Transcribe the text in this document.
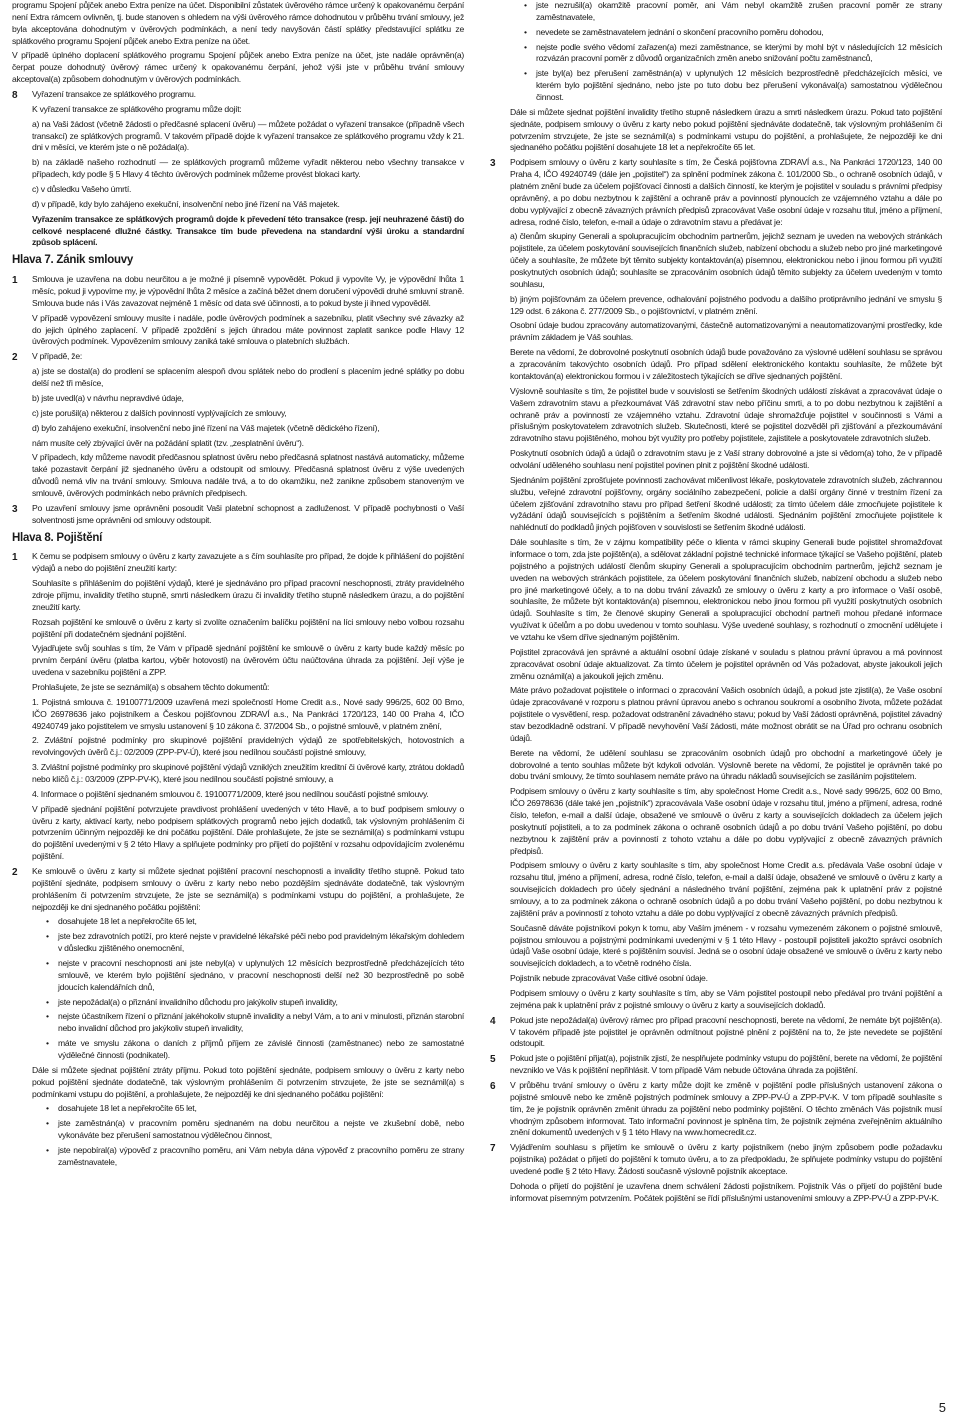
programu Spojení půjček anebo Extra peníze na účet. Disponibilní zůstatek úvěrového rámce určený k opakovanému čerpání není Extra rámcem ovlivněn, tj. bude stanoven s ohledem na výši úvěrového rámce dohodnutou v průběhu trvání smlouvy, jež byla akceptována dohodnutým v úvěrových podmínkách, a není tedy navyšován částí splátky představující splátku ze splátkového programu Spojení půjček anebo Extra peníze na účet.

V případě úplného doplacení splátkového programu Spojení půjček anebo Extra peníze na účet, jste nadále oprávněn(a) čerpat pouze dohodnutý úvěrový rámec určený k opakovanému čerpání, jehož výši jste v průběhu trvání smlouvy akceptoval(a) způsobem dohodnutým v úvěrových podmínkách.

8 Vyřazení transakce ze splátkového programu.

K vyřazení transakce ze splátkového programu může dojít:

a) na Vaši žádost (včetně žádosti o předčasné splacení úvěru) — můžete požádat o vyřazení transakce (případně všech transakcí) ze splátkových programů. V takovém případě dojde k vyřazení transakce ze splátkového programu vždy k 21. dni v měsíci, ve kterém jste o ně požádal(a).

b) na základě našeho rozhodnutí — ze splátkových programů můžeme vyřadit některou nebo všechny transakce v případech, kdy podle § 5 Hlavy 4 těchto úvěrových podmínek můžeme provést blokaci karty.

c) v důsledku Vašeho úmrtí.

d) v případě, kdy bylo zahájeno exekuční, insolvenční nebo jiné řízení na Váš majetek.

Vyřazením transakce ze splátkových programů dojde k převedení této transakce (resp. její neuhrazené části) do celkové nesplacené dlužné částky. Transakce tím bude převedena na standardní výši úroku a standardní způsob splácení.

Hlava 7. Zánik smlouvy
1 Smlouva je uzavřena na dobu neurčitou a je možné ji písemně vypovědět. Pokud ji vypovíte Vy, je výpovědní lhůta 1 měsíc, pokud ji vypovíme my, je výpovědní lhůta 2 měsíce a začíná běžet dnem doručení výpovědi druhé smluvní straně. Smlouva bude nás i Vás zavazovat nejméně 1 měsíc od data své účinnosti, a to pokud byste ji ihned vypověděl.

V případě vypovězení smlouvy musíte i nadále, podle úvěrových podmínek a sazebníku, platit všechny své závazky až do jejich úplného zaplacení. V případě zpoždění s jejich úhradou máte povinnost zaplatit sankce podle Hlavy 12 úvěrových podmínek. Vypovězením smlouvy zaniká také smlouva o platebních službách.

2 V případě, že:

a) jste se dostal(a) do prodlení se splacením alespoň dvou splátek nebo do prodlení s placením jedné splátky po dobu delší než tři měsíce,

b) jste uvedl(a) v návrhu nepravdivé údaje,

c) jste porušil(a) některou z dalších povinností vyplývajících ze smlouvy,

d) bylo zahájeno exekuční, insolvenční nebo jiné řízení na Váš majetek (včetně dědického řízení),

nám musíte celý zbývající úvěr na požádání splatit (tzv. „zesplatnění úvěru“).

V případech, kdy můžeme navodit předčasnou splatnost úvěru nebo předčasná splatnost nastává automaticky, můžeme také pozastavit čerpání již sjednaného úvěru a odstoupit od smlouvy. Předčasná splatnost úvěru z výše uvedených důvodů nemá vliv na trvání smlouvy. Smlouva nadále trvá, a to do okamžiku, než zanikne způsobem stanoveným ve smlouvě, úvěrových podmínkách nebo právních předpisech.

3 Po uzavření smlouvy jsme oprávněni posoudit Vaši platební schopnost a zadluženost. V případě pochybnosti o Vaší solventnosti jsme oprávněni od smlouvy odstoupit.
Hlava 8. Pojištění
1 K čemu se podpisem smlouvy o úvěru z karty zavazujete a s čím souhlasíte pro případ, že dojde k přihlášení do pojištění výdajů a nebo do pojištění zneužití karty:

Souhlasíte s přihlášením do pojištění výdajů, které je sjednáváno pro případ pracovní neschopnosti, ztráty pravidelného zdroje příjmu, invalidity třetího stupně, smrti následkem úrazu či invalidity třetího stupně následkem úrazu, a do pojištění zneužití karty.

Rozsah pojištění ke smlouvě o úvěru z karty si zvolíte označením balíčku pojištění na líci smlouvy nebo volbou rozsahu pojištění při dodatečném sjednání pojištění.

Vyjadřujete svůj souhlas s tím, že Vám v případě sjednání pojištění ke smlouvě o úvěru z karty bude každý měsíc po prvním čerpání úvěru (platba kartou, výběr hotovosti) na úvěrovém účtu naúčtována úhrada za pojištění. Její výše je uvedena v sazebníku pojištění a ZPP.

Prohlašujete, že jste se seznámil(a) s obsahem těchto dokumentů:

1. Pojistná smlouva č. 19100771/2009 uzavřená mezi společností Home Credit a.s., Nové sady 996/25, 602 00 Brno, IČO 26978636 jako pojistníkem a Českou pojišťovnou ZDRAVÍ a.s., Na Pankráci 1720/123, 140 00 Praha 4, IČO 49240749 jako pojistitelem ve smyslu ustanovení § 10 zákona č. 37/2004 Sb., o pojistné smlouvě, v platném znění,

2. Zvláštní pojistné podmínky pro skupinové pojištění pravidelných výdajů ze spotřebitelských, hotovostních a revolvingových úvěrů č.j.: 02/2009 (ZPP-PV-Ú), které jsou nedílnou součástí pojistné smlouvy,

3. Zvláštní pojistné podmínky pro skupinové pojištění výdajů vzniklých zneužitím kreditní či úvěrové karty, ztrátou dokladů nebo klíčů č.j.: 03/2009 (ZPP-PV-K), které jsou nedílnou součástí pojistné smlouvy, a

4. Informace o pojištění sjednaném smlouvou č. 19100771/2009, které jsou nedílnou součástí pojistné smlouvy.

V případě sjednání pojištění potvrzujete pravdivost prohlášení uvedených v této Hlavě, a to buď podpisem smlouvy o úvěru z karty, aktivací karty, nebo podpisem splátkových programů nebo jejich dodatků, tak výslovným prohlášením či potvrzením účinným nejpozději ke dni počátku pojištění. Dále prohlašujete, že jste se seznámil(a) s podmínkami vstupu do pojištění uvedenými v § 2 této Hlavy a splňujete podmínky pro přijetí do pojištění v rozsahu odpovídajícím zvolenému pojištění.

2 Ke smlouvě o úvěru z karty si můžete sjednat pojištění pracovní neschopnosti a invalidity třetího stupně. Pokud tato pojištění sjednáte, podpisem smlouvy o úvěru z karty nebo nebo pozdějším sjednáváte dodatečně, tak výslovným prohlášením či potvrzením strvzujete, že jste se seznámil(a) s podmínkami vstupu do pojištění, a prohlašujete, že nejpozději ke dni sjednaného počátku pojištění:
• dosahujete 18 let a nepřekročíte 65 let,
• jste bez zdravotních potíží, pro které nejste v pravidelné lékařské péči nebo pod pravidelným lékařským dohledem v důsledku zjištěného onemocnění,
• nejste v pracovní neschopnosti ani jste nebyl(a) v uplynulých 12 měsících bezprostředně předcházejících této smlouvě, ve kterém bylo pojištění sjednáno, v pracovní neschopnosti delší než 30 bezprostředně po sobě jdoucích kalendářních dnů,
• jste nepožádal(a) o přiznání invalidního důchodu pro jakýkoliv stupeň invalidity,
• nejste účastníkem řízení o přiznání jakéhokoliv stupně invalidity a nebyl Vám, a to ani v minulosti, přiznán starobní nebo invalidní důchod pro jakýkoliv stupeň invalidity,
• máte ve smyslu zákona o daních z příjmů příjem ze závislé činnosti (zaměstnanec) nebo ze samostatné výdělečné činnosti (podnikatel).

Dále si můžete sjednat pojištění ztráty příjmu. Pokud toto pojištění sjednáte, podpisem smlouvy o úvěru z karty nebo pokud pojištění sjednáte dodatečně, tak výslovným prohlášením či potvrzením strvzujete, že jste se seznámil(a) s podmínkami vstupu do pojištění, a prohlašujete, že nejpozději ke dni sjednaného počátku pojištění:

• dosahujete 18 let a nepřekročíte 65 let,
• jste zaměstnán(a) v pracovním poměru sjednaném na dobu neurčitou a nejste ve zkušební době, nebo vykonáváte bez přerušení samostatnou výdělečnou činnost,
• jste nepobíral(a) výpověď z pracovního poměru, ani Vám nebyla dána výpověď z pracovního poměru ze strany zaměstnavatele,
• jste nezrušil(a) okamžitě pracovní poměr, ani Vám nebyl okamžitě zrušen pracovní poměr ze strany zaměstnavatele,
• nevedete se zaměstnavatelem jednání o skončení pracovního poměru dohodou,
• nejste podle svého vědomí zařazen(a) mezi zaměstnance, se kterými by mohl být v následujících 12 měsících rozvázán pracovní poměr z důvodů organizačních změn anebo snižování počtu zaměstnanců,
• jste byl(a) bez přerušení zaměstnán(a) v uplynulých 12 měsících bezprostředně předcházejících měsíci, ve kterém bylo pojištění sjednáno, nebo jste po tuto dobu bez přerušení vykonával(a) samostatnou výdělečnou činnost.

Dále si můžete sjednat pojištění invalidity třetího stupně následkem úrazu a smrti následkem úrazu. Pokud tato pojištění sjednáte, podpisem smlouvy o úvěru z karty nebo pokud pojištění sjednáváte dodatečně, tak výslovným prohlášením či potvrzením strvzujete, že jste se seznámil(a) s podmínkami vstupu do pojištění, a prohlašujete, že nejpozději ke dni sjednaného počátku pojištění dosahujete 18 let a nepřekročíte 65 let.

3 Podpisem smlouvy o úvěru z karty souhlasíte s tím, že Česká pojišťovna ZDRAVÍ a.s., Na Pankráci 1720/123, 140 00 Praha 4, IČO 49240749 (dále jen „pojistitel“) za splnění podmínek zákona č. 101/2000 Sb., o ochraně osobních údajů, v platném znění bude za účelem pojišťovací činnosti a dalších činností, ke kterým je pojistitel v souladu s právními předpisy oprávněný, a po dobu nezbytnou k zajištění a ochraně práv a povinností plynoucích ze vzájemného vztahu a dále po dobu vyplývající z obecně závazných právních předpisů zpracovávat Vaše osobní údaje v rozsahu titul, jméno a příjmení, adresa, rodné číslo, telefon, e-mail a údaje o zdravotním stavu a předávat je:

a) členům skupiny Generali a spolupracujícím obchodním partnerům, jejichž seznam je uveden na webových stránkách pojistitele, za účelem poskytování souvisejících finančních služeb, nabízení obchodu a služeb nebo pro jiné marketingové účely a souhlasíte, že můžete být těmito subjekty kontaktován(a) písemnou, elektronickou nebo i jinou formou při využití poskytnutých osobních údajů; souhlasíte se zpracováním osobních údajů těmito subjekty za účelem uvedeným v tomto souhlasu,

b) jiným pojišťovnám za účelem prevence, odhalování pojistného podvodu a dalšího protiprávního jednání ve smyslu § 129 odst. 6 zákona č. 277/2009 Sb., o pojišťovnictví, v platném znění.

Osobní údaje budou zpracovány automatizovanými, částečně automatizovanými a neautomatizovanými prostředky, kde právním základem je Váš souhlas.

Berete na vědomí, že dobrovolné poskytnutí osobních údajů bude považováno za výslovné udělení souhlasu se správou a zpracováním takovýchto osobních údajů. Pro případ sdělení elektronického kontaktu souhlasíte, že můžete být kontaktován(a) elektronickou formou i v záležitostech týkajících se dříve sjednaných pojištění.

Výslovně souhlasíte s tím, že pojistitel bude v souvislosti se šetřením škodných událostí získávat a zpracovávat údaje o Vašem zdravotním stavu a přezkoumávat Váš zdravotní stav nebo příčinu smrti, a to po dobu nezbytnou k zajištění a ochraně práv a povinností ze vzájemného vztahu. Zdravotní údaje shromažďuje pojistitel v součinnosti s Vámi a příslušným poskytovatelem zdravotních služeb. Skutečnosti, které se pojistitel dozvěděl při zjišťování a přezkoumávání zdravotního stavu pojištěného, mohou být využity pro potřeby pojistitele, zajistitele a poskytovatele zdravotních služeb.

Poskytnutí osobních údajů a údajů o zdravotním stavu je z Vaší strany dobrovolné a jste si vědom(a) toho, že v případě odvolání uděleného souhlasu není pojistitel povinen plnit z pojištění škodné události.

Sjednáním pojištění zprošťujete povinnosti zachovávat mlčenlivost lékaře, poskytovatele zdravotních služeb, záchrannou službu, veřejné zdravotní pojišťovny, orgány sociálního zabezpečení, policie a další orgány činné v trestním řízení za účelem zjišťování zdravotního stavu pro případ šetření škodné události; za tímto účelem dále zmocňujete pojistitele k vyžádání údajů souvisejících s pojištěním a šetřením škodné události. Sjednáním pojištění zmocňujete pojistitele k nahlédnutí do podkladů jiných pojišťoven v souvislosti se šetřením škodné události.

Dále souhlasíte s tím, že v zájmu kompatibility péče o klienta v rámci skupiny Generali bude pojistitel shromažďovat informace o tom, zda jste pojištěn(a), a sdělovat základní pojistné technické informace týkající se Vašeho pojištění, plateb pojistného a pojistných událostí členům skupiny Generali a spolupracujícím obchodním partnerům, jejichž seznam je uveden na webových stránkách pojistitele, za účelem poskytování finančních služeb, nabízení obchodu a služeb nebo pro jiné marketingové účely, a to na dobu trvání závazků ze smlouvy o úvěru z karty a pro informace o Vaší osobě, souhlasíte, že můžete být kontaktován(a) písemnou, elektronickou nebo jinou formou při využití poskytnutých osobních údajů. Souhlasíte s tím, že členové skupiny Generali a spolupracující obchodní partneři mohou předané informace využívat k účelům a po dobu uvedenou v tomto souhlasu. Výše uvedené souhlasy, s rozhodnutí o zmocnění udělujete i ve vztahu ke všem dříve sjednaným pojištěním.

Pojistitel zpracovává jen správné a aktuální osobní údaje získané v souladu s platnou právní úpravou a má povinnost zpracovávat osobní údaje aktualizovat. Za tímto účelem je pojistitel oprávněn od Vás požadovat, abyste jakoukoli jejich změnu oznámil(a) a jakoukoli jejich změnu.

Máte právo požadovat pojistitele o informaci o zpracování Vašich osobních údajů, a pokud jste zjistil(a), že Vaše osobní údaje zpracovávané v rozporu s platnou právní úpravou anebo s ochranou soukromí a osobního života, můžete požádat pojistitele o vysvětlení, resp. požadovat odstranění závadného stavu; pokud by Vaší žádosti oprávněná, pojistitel závadný stav bezodkladně odstraní. V případě nevyhovění Vaší žádosti, máte možnost obrátit se na Úřad pro ochranu osobních údajů.

Berete na vědomí, že udělení souhlasu se zpracováním osobních údajů pro obchodní a marketingové účely je dobrovolné a tento souhlas můžete být kdykoli odvolán. Výslovně berete na vědomí, že pojistitel je oprávněn také po dobu trvání smlouvy, že tímto souhlasem nemáte právo na úhradu nákladů souvisejících se zasíláním pojistitelem.

Podpisem smlouvy o úvěru z karty souhlasíte s tím, aby společnost Home Credit a.s., Nové sady 996/25, 602 00 Brno, IČO 26978636 (dále také jen „pojistník“) zpracovávala Vaše osobní údaje v rozsahu titul, jméno a příjmení, adresa, rodné číslo, telefon, e-mail a další údaje, obsažené ve smlouvě o úvěru z karty a souvisejících dokladech za účelem jejich poskytnutí pojistiteli, a to za podmínek zákona o ochraně osobních údajů a po dobu trvání Vašeho pojištění, po dobu nezbytnou k zajištění práv a povinností z tohoto vztahu a dále po dobu vyplývající z obecně závazných právních předpisů.

Podpisem smlouvy o úvěru z karty souhlasíte s tím, aby společnost Home Credit a.s. předávala Vaše osobní údaje v rozsahu titul, jméno a příjmení, adresa, rodné číslo, telefon, e-mail a další údaje, obsažené ve smlouvě o úvěru z karty a souvisejících dokladech pro účely sjednání a následného trvání pojištění, zejména pak k uplatnění práv z pojistné smlouvy, a to za podmínek zákona o ochraně osobních údajů a po dobu trvání Vašeho pojištění, po dobu nezbytnou k zajištění práv a povinností z tohoto vztahu a dále po dobu vyplývající z obecně závazných právních předpisů.

Současně dáváte pojistníkovi pokyn k tomu, aby Vaším jménem - v rozsahu vymezeném zákonem o pojistné smlouvě, pojistnou smlouvou a pojistnými podmínkami uvedenými v § 1 této Hlavy - postoupil pojistiteli jakožto správci osobních údajů Vaše osobní údaje, které s pojištěním souvisí. Jedná se o osobní údaje obsažené ve smlouvě o úvěru z karty nebo souvisejících dokladech, a to včetně rodného čísla.

Pojistník nebude zpracovávat Vaše citlivé osobní údaje.

Podpisem smlouvy o úvěru z karty souhlasíte s tím, aby se Vám pojistitel postoupil nebo předával pro trvání pojištění a zejména pak k uplatnění práv z pojistné smlouvy o úvěru z karty a souvisejících dokladů.

4 Pokud jste nepožádal(a) úvěrový rámec pro případ pracovní neschopnosti, berete na vědomí, že nemáte být pojištěn(a). V takovém případě jste pojistitel je oprávněn odmítnout pojistné plnění z pojištění na to, že jste nevedete se pojištění odstoupit.
5 Pokud jste o pojištění přijat(a), pojistník zjistí, že nesplňujete podmínky vstupu do pojištění, berete na vědomí, že pojištění nevzniklo ve Vás k pojištění nepřihlásit. V tom případě Vám nebude účtována úhrada za pojištění.
6 V průběhu trvání smlouvy o úvěru z karty může dojít ke změně v pojištění podle příslušných ustanovení zákona o pojistné smlouvě nebo ke změně pojistných podmínek smlouvy a ZPP-PV-Ú a ZPP-PV-K. V tom případě souhlasíte s tím, že je pojistník oprávněn změnit úhradu za pojištění nebo podmínky pojištění. O těchto změnách Vás pojistník musí vhodným způsobem informovat. Tato informační povinnost je splněna tím, že pojistník zejména zveřejněním aktuálního znění dokumentů uvedených v § 1 této Hlavy na www.homecredit.cz.
7 Vyjádřením souhlasu s přijetím ke smlouvě o úvěru z karty pojistníkem (nebo jiným způsobem podle požadavku pojistníka) požádat o přijetí do pojištění k tomuto úvěru, a to za předpokladu, že splňujete podmínky vstupu do pojištění uvedené podle § 2 této Hlavy. Žádosti současně výslovně pojistník akceptace.

Dohoda o přijetí do pojištění je uzavřena dnem schválení žádosti pojistníkem. Pojistník Vás o přijetí do pojištění bude informovat písemným potvrzením. Počátek pojištění se řídí příslušnými ustanoveními smlouvy a ZPP-PV-Ú a ZPP-PV-K.

5
